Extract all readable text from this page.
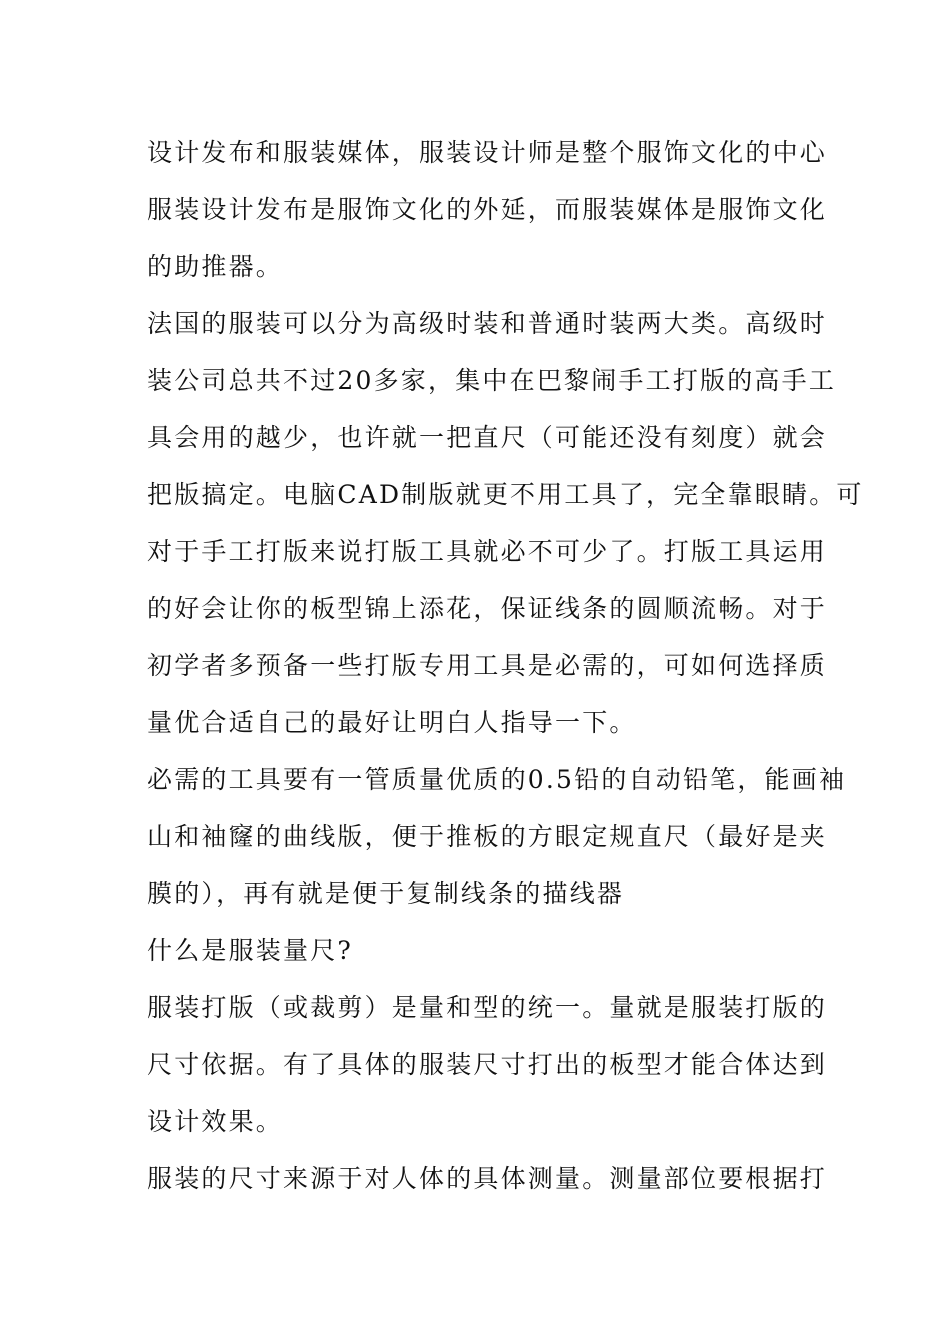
设计发布和服装媒体，服装设计师是整个服饰文化的中心
服装设计发布是服饰文化的外延，而服装媒体是服饰文化
的助推器。
法国的服装可以分为高级时装和普通时装两大类。高级时
装公司总共不过20多家，集中在巴黎闹手工打版的高手工
具会用的越少，也许就一把直尺（可能还没有刻度）就会
把版搞定。电脑CAD制版就更不用工具了，完全靠眼睛。可
对于手工打版来说打版工具就必不可少了。打版工具运用
的好会让你的板型锦上添花，保证线条的圆顺流畅。对于
初学者多预备一些打版专用工具是必需的，可如何选择质
量优合适自己的最好让明白人指导一下。
必需的工具要有一管质量优质的0.5铅的自动铅笔，能画袖
山和袖窿的曲线版，便于推板的方眼定规直尺（最好是夹
膜的），再有就是便于复制线条的描线器
什么是服装量尺?
服装打版（或裁剪）是量和型的统一。量就是服装打版的
尺寸依据。有了具体的服装尺寸打出的板型才能合体达到
设计效果。
服装的尺寸来源于对人体的具体测量。测量部位要根据打
